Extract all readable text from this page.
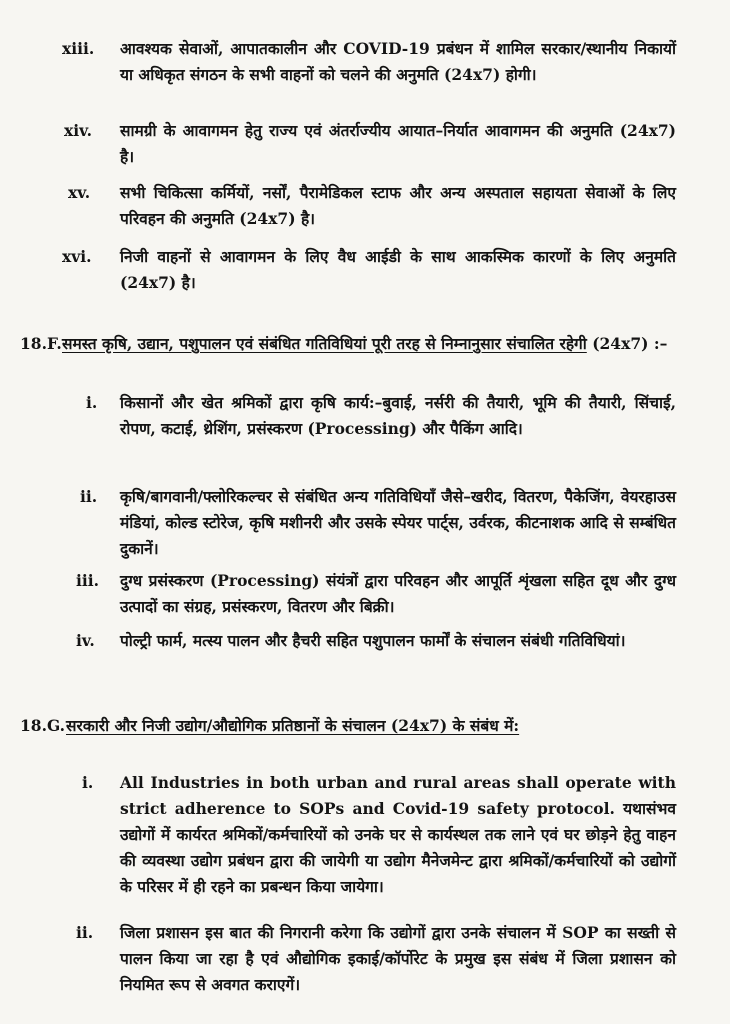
xiii. आवश्यक सेवाओं, आपातकालीन और COVID-19 प्रबंधन में शामिल सरकार/स्थानीय निकायों या अधिकृत संगठन के सभी वाहनों को चलने की अनुमति (24x7) होगी।
xiv. सामग्री के आवागमन हेतु राज्य एवं अंतर्राज्यीय आयात–निर्यात आवागमन की अनुमति (24x7) है।
xv. सभी चिकित्सा कर्मियों, नर्सों, पैरामेडिकल स्टाफ और अन्य अस्पताल सहायता सेवाओं के लिए परिवहन की अनुमति (24x7) है।
xvi. निजी वाहनों से आवागमन के लिए वैध आईडी के साथ आकस्मिक कारणों के लिए अनुमति (24x7) है।
18.F. समस्त कृषि, उद्यान, पशुपालन एवं संबंधित गतिविधियां पूरी तरह से निम्नानुसार संचालित रहेगी (24x7) :–
i. किसानों और खेत श्रमिकों द्वारा कृषि कार्य:–बुवाई, नर्सरी की तैयारी, भूमि की तैयारी, सिंचाई, रोपण, कटाई, थ्रेशिंग, प्रसंस्करण (Processing) और पैकिंग आदि।
ii. कृषि/बागवानी/फ्लोरिकल्चर से संबंधित अन्य गतिविधियाँ जैसे–खरीद, वितरण, पैकेजिंग, वेयरहाउस मंडियां, कोल्ड स्टोरेज, कृषि मशीनरी और उसके स्पेयर पार्ट्स, उर्वरक, कीटनाशक आदि से सम्बंधित दुकानें।
iii. दुग्ध प्रसंस्करण (Processing) संयंत्रों द्वारा परिवहन और आपूर्ति शृंखला सहित दूध और दुग्ध उत्पादों का संग्रह, प्रसंस्करण, वितरण और बिक्री।
iv. पोल्ट्री फार्म, मत्स्य पालन और हैचरी सहित पशुपालन फार्मों के संचालन संबंधी गतिविधियां।
18.G. सरकारी और निजी उद्योग/औद्योगिक प्रतिष्ठानों के संचालन (24x7) के संबंध में:
i. All Industries in both urban and rural areas shall operate with strict adherence to SOPs and Covid-19 safety protocol. यथासंभव उद्योगों में कार्यरत श्रमिकों/कर्मचारियों को उनके घर से कार्यस्थल तक लाने एवं घर छोड़ने हेतु वाहन की व्यवस्था उद्योग प्रबंधन द्वारा की जायेगी या उद्योग मैनेजमेन्ट द्वारा श्रमिकों/कर्मचारियों को उद्योगों के परिसर में ही रहने का प्रबन्धन किया जायेगा।
ii. जिला प्रशासन इस बात की निगरानी करेगा कि उद्योगों द्वारा उनके संचालन में SOP का सख्ती से पालन किया जा रहा है एवं औद्योगिक इकाई/कॉर्पोरेट के प्रमुख इस संबंध में जिला प्रशासन को नियमित रूप से अवगत कराएगें।
